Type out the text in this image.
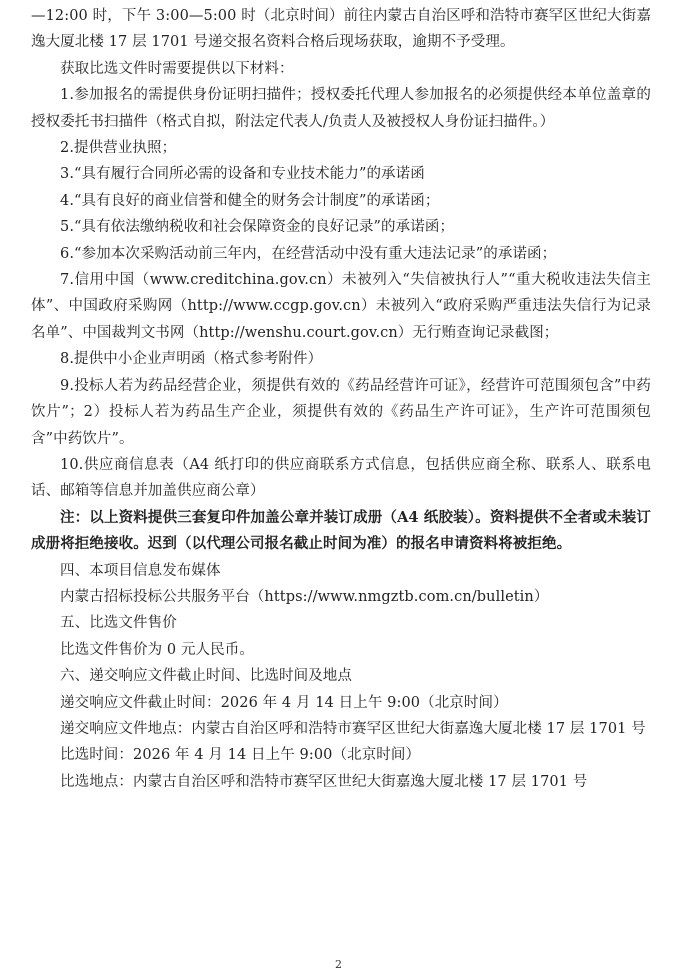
—12:00 时，下午 3:00—5:00 时（北京时间）前往内蒙古自治区呼和浩特市赛罕区世纪大街嘉逸大厦北楼 17 层 1701 号递交报名资料合格后现场获取，逾期不予受理。

获取比选文件时需要提供以下材料：

1.参加报名的需提供身份证明扫描件；授权委托代理人参加报名的必须提供经本单位盖章的授权委托书扫描件（格式自拟，附法定代表人/负责人及被授权人身份证扫描件。）

2.提供营业执照；

3.“具有履行合同所必需的设备和专业技术能力”的承诺函

4.“具有良好的商业信誉和健全的财务会计制度”的承诺函；

5.“具有依法缴纳税收和社会保障资金的良好记录”的承诺函；

6.“参加本次采购活动前三年内，在经营活动中没有重大违法记录”的承诺函；

7.信用中国（www.creditchina.gov.cn）未被列入“失信被执行人”“重大税收违法失信主体”、中国政府采购网（http://www.ccgp.gov.cn）未被列入“政府采购严重违法失信行为记录名单”、中国裁判文书网（http://wenshu.court.gov.cn）无行贿查询记录截图；

8.提供中小企业声明函（格式参考附件）

9.投标人若为药品经营企业，须提供有效的《药品经营许可证》，经营许可范围须包含”中药饮片”；2）投标人若为药品生产企业，须提供有效的《药品生产许可证》，生产许可范围须包含”中药饮片”。

10.供应商信息表（A4 纸打印的供应商联系方式信息，包括供应商全称、联系人、联系电话、邮箱等信息并加盖供应商公章）

注：以上资料提供三套复印件加盖公章并装订成册（A4 纸胶装）。资料提供不全者或未装订成册将拒绝接收。迟到（以代理公司报名截止时间为准）的报名申请资料将被拒绝。

四、本项目信息发布媒体

内蒙古招标投标公共服务平台（https://www.nmgztb.com.cn/bulletin）

五、比选文件售价

比选文件售价为 0 元人民币。

六、递交响应文件截止时间、比选时间及地点

递交响应文件截止时间：2026 年 4 月 14 日上午 9:00（北京时间）

递交响应文件地点：内蒙古自治区呼和浩特市赛罕区世纪大街嘉逸大厦北楼 17 层 1701 号

比选时间：2026 年 4 月 14 日上午 9:00（北京时间）

比选地点：内蒙古自治区呼和浩特市赛罕区世纪大街嘉逸大厦北楼 17 层 1701 号

2
